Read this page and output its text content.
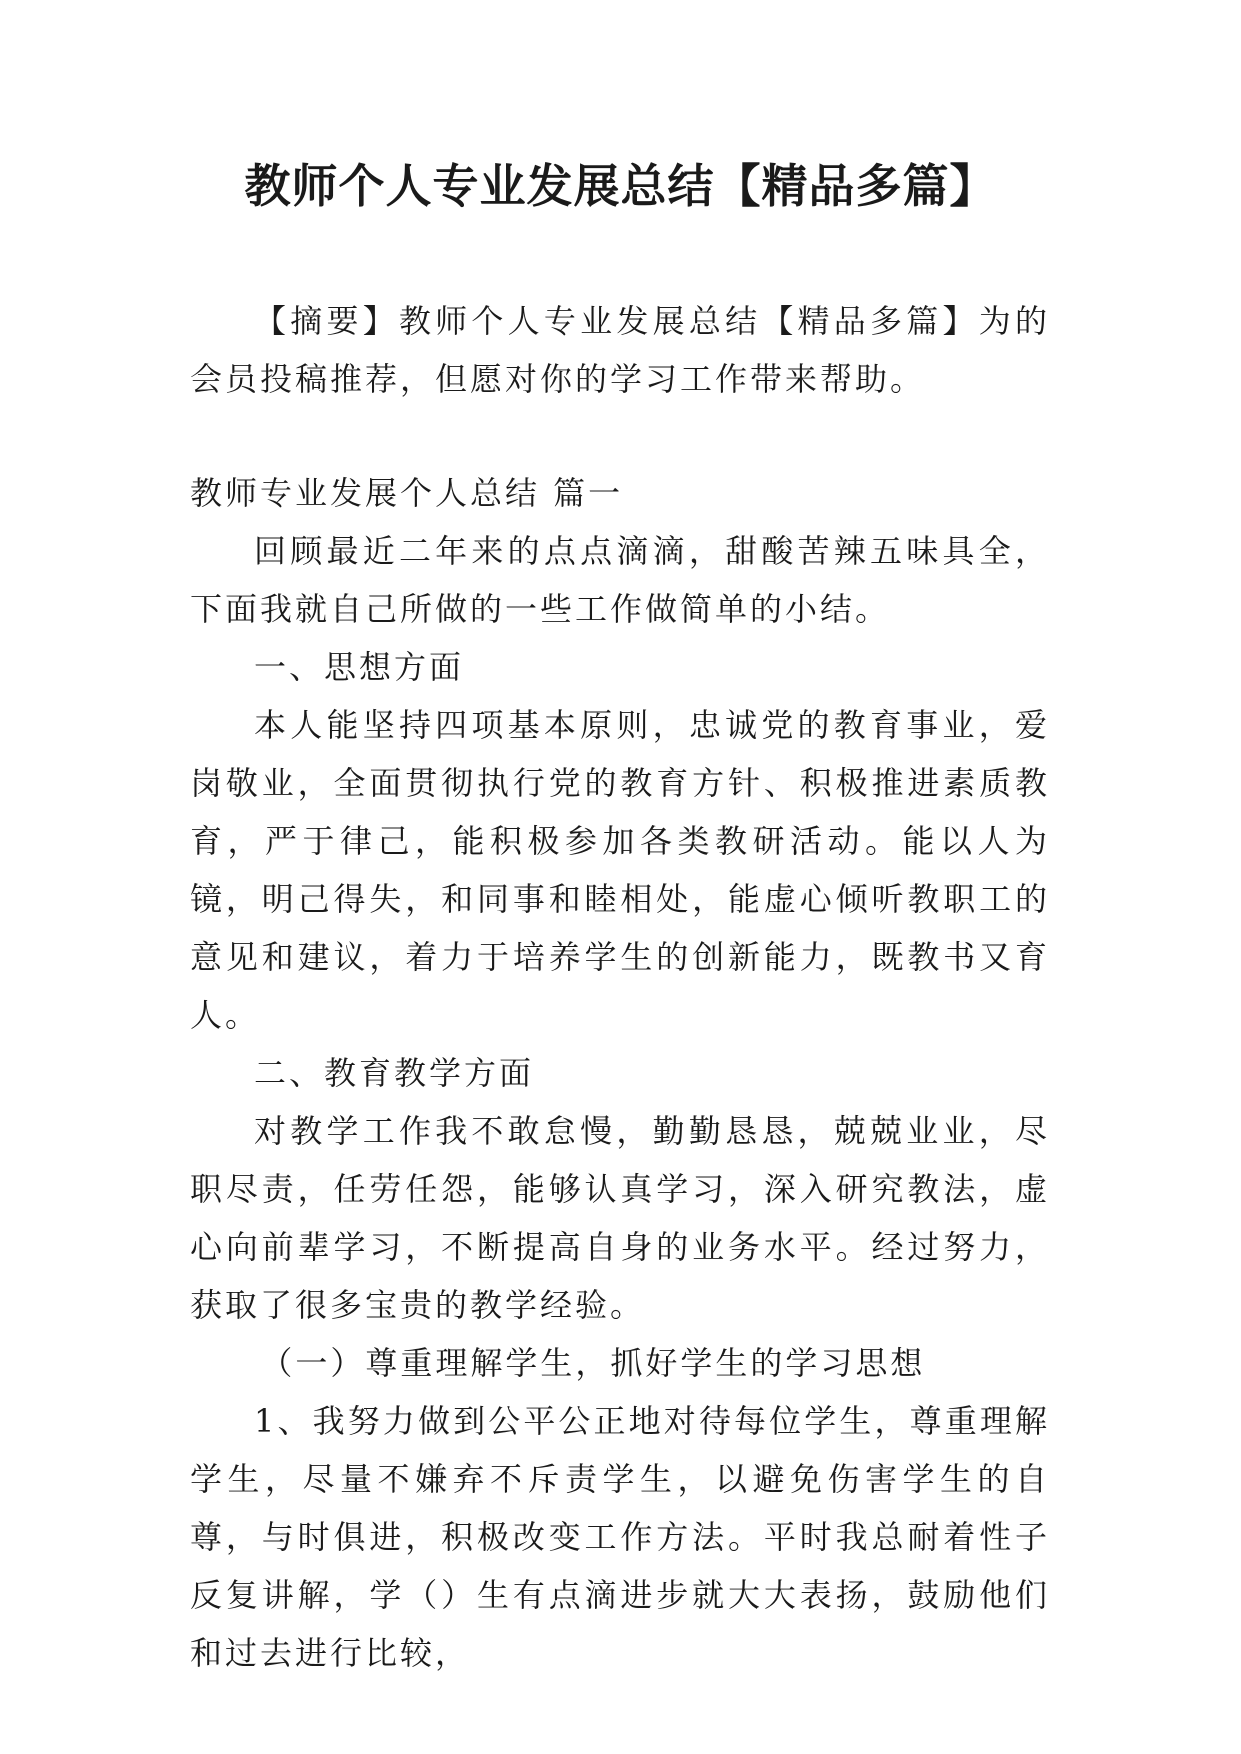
教师个人专业发展总结【精品多篇】

【摘要】教师个人专业发展总结【精品多篇】为的会员投稿推荐，但愿对你的学习工作带来帮助。

教师专业发展个人总结 篇一

回顾最近二年来的点点滴滴，甜酸苦辣五味具全，下面我就自己所做的一些工作做简单的小结。

一、思想方面

本人能坚持四项基本原则，忠诚党的教育事业，爱岗敬业，全面贯彻执行党的教育方针、积极推进素质教育，严于律己，能积极参加各类教研活动。能以人为镜，明己得失，和同事和睦相处，能虚心倾听教职工的意见和建议，着力于培养学生的创新能力，既教书又育人。

二、教育教学方面

对教学工作我不敢怠慢，勤勤恳恳，兢兢业业，尽职尽责，任劳任怨，能够认真学习，深入研究教法，虚心向前辈学习，不断提高自身的业务水平。经过努力，获取了很多宝贵的教学经验。

（一）尊重理解学生，抓好学生的学习思想

1、我努力做到公平公正地对待每位学生，尊重理解学生，尽量不嫌弃不斥责学生，以避免伤害学生的自尊，与时俱进，积极改变工作方法。平时我总耐着性子反复讲解，学（）生有点滴进步就大大表扬，鼓励他们和过去进行比较，
